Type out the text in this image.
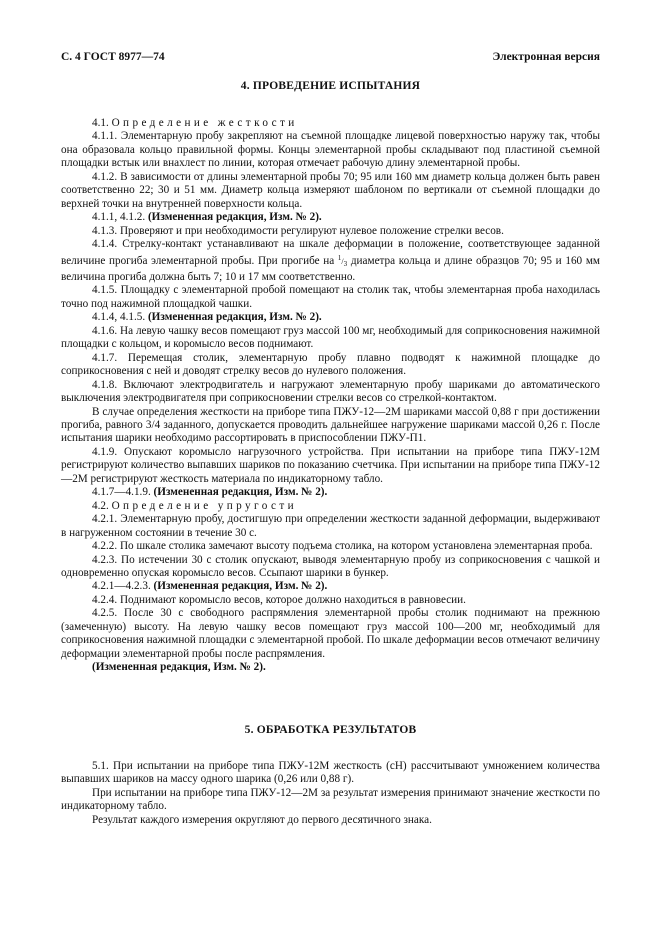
С. 4 ГОСТ 8977—74	Электронная версия
4. ПРОВЕДЕНИЕ ИСПЫТАНИЯ

4.1. Определение жесткости

4.1.1. Элементарную пробу закрепляют на съемной площадке лицевой поверхностью наружу так, чтобы она образовала кольцо правильной формы. Концы элементарной пробы складывают под пластиной съемной площадки встык или внахлест по линии, которая отмечает рабочую длину элементарной пробы.

4.1.2. В зависимости от длины элементарной пробы 70; 95 или 160 мм диаметр кольца должен быть равен соответственно 22; 30 и 51 мм. Диаметр кольца измеряют шаблоном по вертикали от съемной площадки до верхней точки на внутренней поверхности кольца.

4.1.1, 4.1.2. (Измененная редакция, Изм. № 2).

4.1.3. Проверяют и при необходимости регулируют нулевое положение стрелки весов.

4.1.4. Стрелку-контакт устанавливают на шкале деформации в положение, соответствующее заданной величине прогиба элементарной пробы. При прогибе на $^1/_3$ диаметра кольца и длине образцов 70; 95 и 160 мм величина прогиба должна быть 7; 10 и 17 мм соответственно.

4.1.5. Площадку с элементарной пробой помещают на столик так, чтобы элементарная проба находилась точно под нажимной площадкой чашки.

4.1.4, 4.1.5. (Измененная редакция, Изм. № 2).

4.1.6. На левую чашку весов помещают груз массой 100 мг, необходимый для соприкосновения нажимной площадки с кольцом, и коромысло весов поднимают.

4.1.7. Перемещая столик, элементарную пробу плавно подводят к нажимной площадке до соприкосновения с ней и доводят стрелку весов до нулевого положения.

4.1.8. Включают электродвигатель и нагружают элементарную пробу шариками до автоматического выключения электродвигателя при соприкосновении стрелки весов со стрелкой-контактом.

В случае определения жесткости на приборе типа ПЖУ-12—2М шариками массой 0,88 г при достижении прогиба, равного 3/4 заданного, допускается проводить дальнейшее нагружение шариками массой 0,26 г. После испытания шарики необходимо рассортировать в приспособлении ПЖУ-П1.

4.1.9. Опускают коромысло нагрузочного устройства. При испытании на приборе типа ПЖУ-12М регистрируют количество выпавших шариков по показанию счетчика. При испытании на приборе типа ПЖУ-12—2М регистрируют жесткость материала по индикаторному табло.

4.1.7—4.1.9. (Измененная редакция, Изм. № 2).

4.2. Определение упругости

4.2.1. Элементарную пробу, достигшую при определении жесткости заданной деформации, выдерживают в нагруженном состоянии в течение 30 с.

4.2.2. По шкале столика замечают высоту подъема столика, на котором установлена элементарная проба.

4.2.3. По истечении 30 с столик опускают, выводя элементарную пробу из соприкосновения с чашкой и одновременно опуская коромысло весов. Ссыпают шарики в бункер.

4.2.1—4.2.3. (Измененная редакция, Изм. № 2).

4.2.4. Поднимают коромысло весов, которое должно находиться в равновесии.

4.2.5. После 30 с свободного распрямления элементарной пробы столик поднимают на прежнюю (замеченную) высоту. На левую чашку весов помещают груз массой 100—200 мг, необходимый для соприкосновения нажимной площадки с элементарной пробой. По шкале деформации весов отмечают величину деформации элементарной пробы после распрямления.

(Измененная редакция, Изм. № 2).

5. ОБРАБОТКА РЕЗУЛЬТАТОВ

5.1. При испытании на приборе типа ПЖУ-12М жесткость (сН) рассчитывают умножением количества выпавших шариков на массу одного шарика (0,26 или 0,88 г).

При испытании на приборе типа ПЖУ-12—2М за результат измерения принимают значение жесткости по индикаторному табло.

Результат каждого измерения округляют до первого десятичного знака.
